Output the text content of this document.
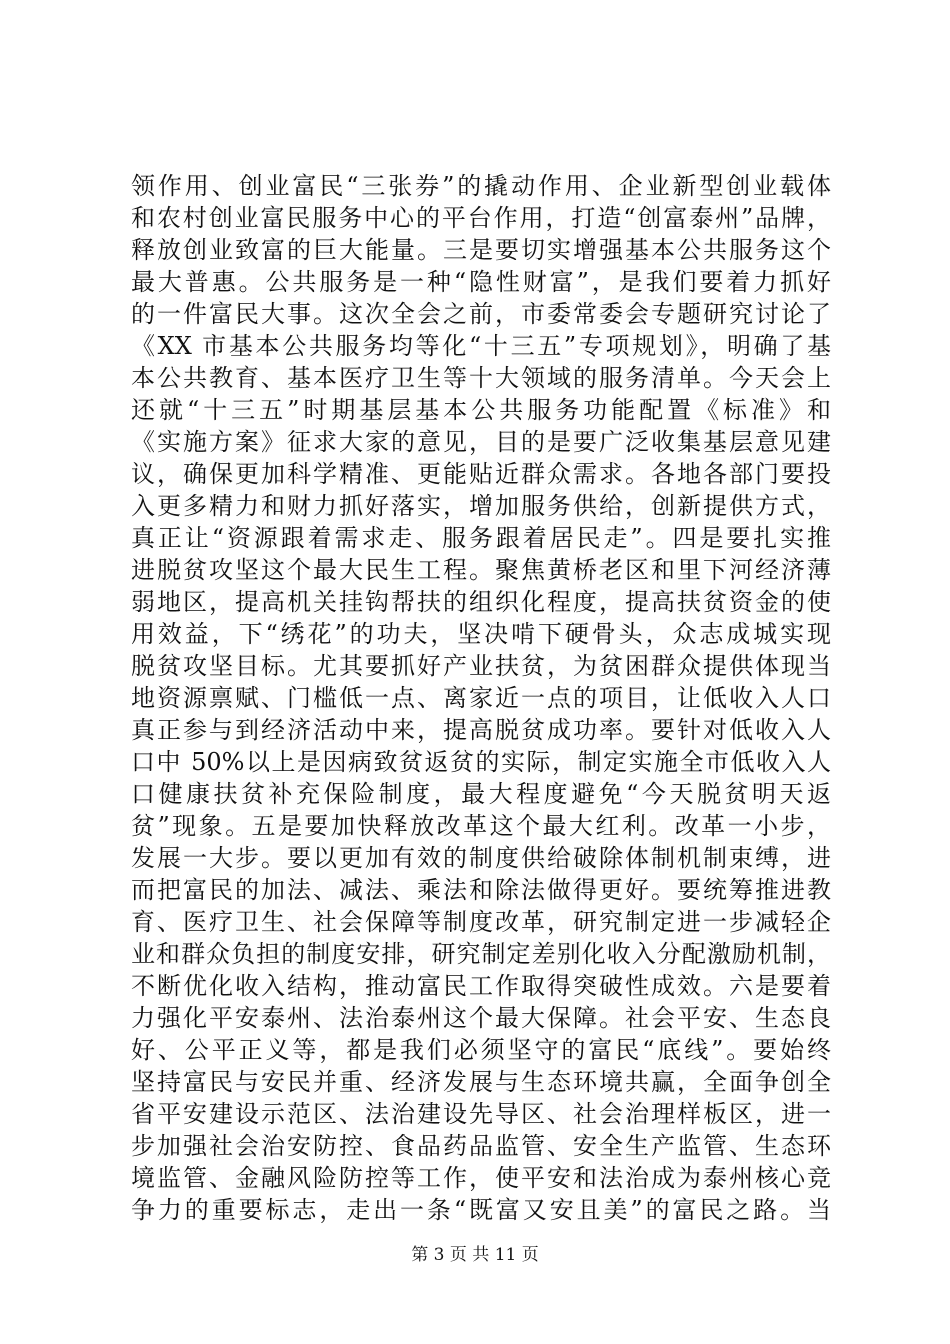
领作用、创业富民“三张券”的撬动作用、企业新型创业载体
和农村创业富民服务中心的平台作用，打造“创富泰州”品牌，
释放创业致富的巨大能量。三是要切实增强基本公共服务这个
最大普惠。公共服务是一种“隐性财富”，是我们要着力抓好
的一件富民大事。这次全会之前，市委常委会专题研究讨论了
《XX 市基本公共服务均等化“十三五”专项规划》，明确了基
本公共教育、基本医疗卫生等十大领域的服务清单。今天会上
还就“十三五”时期基层基本公共服务功能配置《标准》和
《实施方案》征求大家的意见，目的是要广泛收集基层意见建
议，确保更加科学精准、更能贴近群众需求。各地各部门要投
入更多精力和财力抓好落实，增加服务供给，创新提供方式，
真正让“资源跟着需求走、服务跟着居民走”。四是要扎实推
进脱贫攻坚这个最大民生工程。聚焦黄桥老区和里下河经济薄
弱地区，提高机关挂钩帮扶的组织化程度，提高扶贫资金的使
用效益，下“绣花”的功夫，坚决啃下硬骨头，众志成城实现
脱贫攻坚目标。尤其要抓好产业扶贫，为贫困群众提供体现当
地资源禀赋、门槛低一点、离家近一点的项目，让低收入人口
真正参与到经济活动中来，提高脱贫成功率。要针对低收入人
口中 50%以上是因病致贫返贫的实际，制定实施全市低收入人
口健康扶贫补充保险制度，最大程度避免“今天脱贫明天返
贫”现象。五是要加快释放改革这个最大红利。改革一小步，
发展一大步。要以更加有效的制度供给破除体制机制束缚，进
而把富民的加法、减法、乘法和除法做得更好。要统筹推进教
育、医疗卫生、社会保障等制度改革，研究制定进一步减轻企
业和群众负担的制度安排，研究制定差别化收入分配激励机制，
不断优化收入结构，推动富民工作取得突破性成效。六是要着
力强化平安泰州、法治泰州这个最大保障。社会平安、生态良
好、公平正义等，都是我们必须坚守的富民“底线”。要始终
坚持富民与安民并重、经济发展与生态环境共赢，全面争创全
省平安建设示范区、法治建设先导区、社会治理样板区，进一
步加强社会治安防控、食品药品监管、安全生产监管、生态环
境监管、金融风险防控等工作，使平安和法治成为泰州核心竞
争力的重要标志，走出一条“既富又安且美”的富民之路。当
第 3 页 共 11 页
